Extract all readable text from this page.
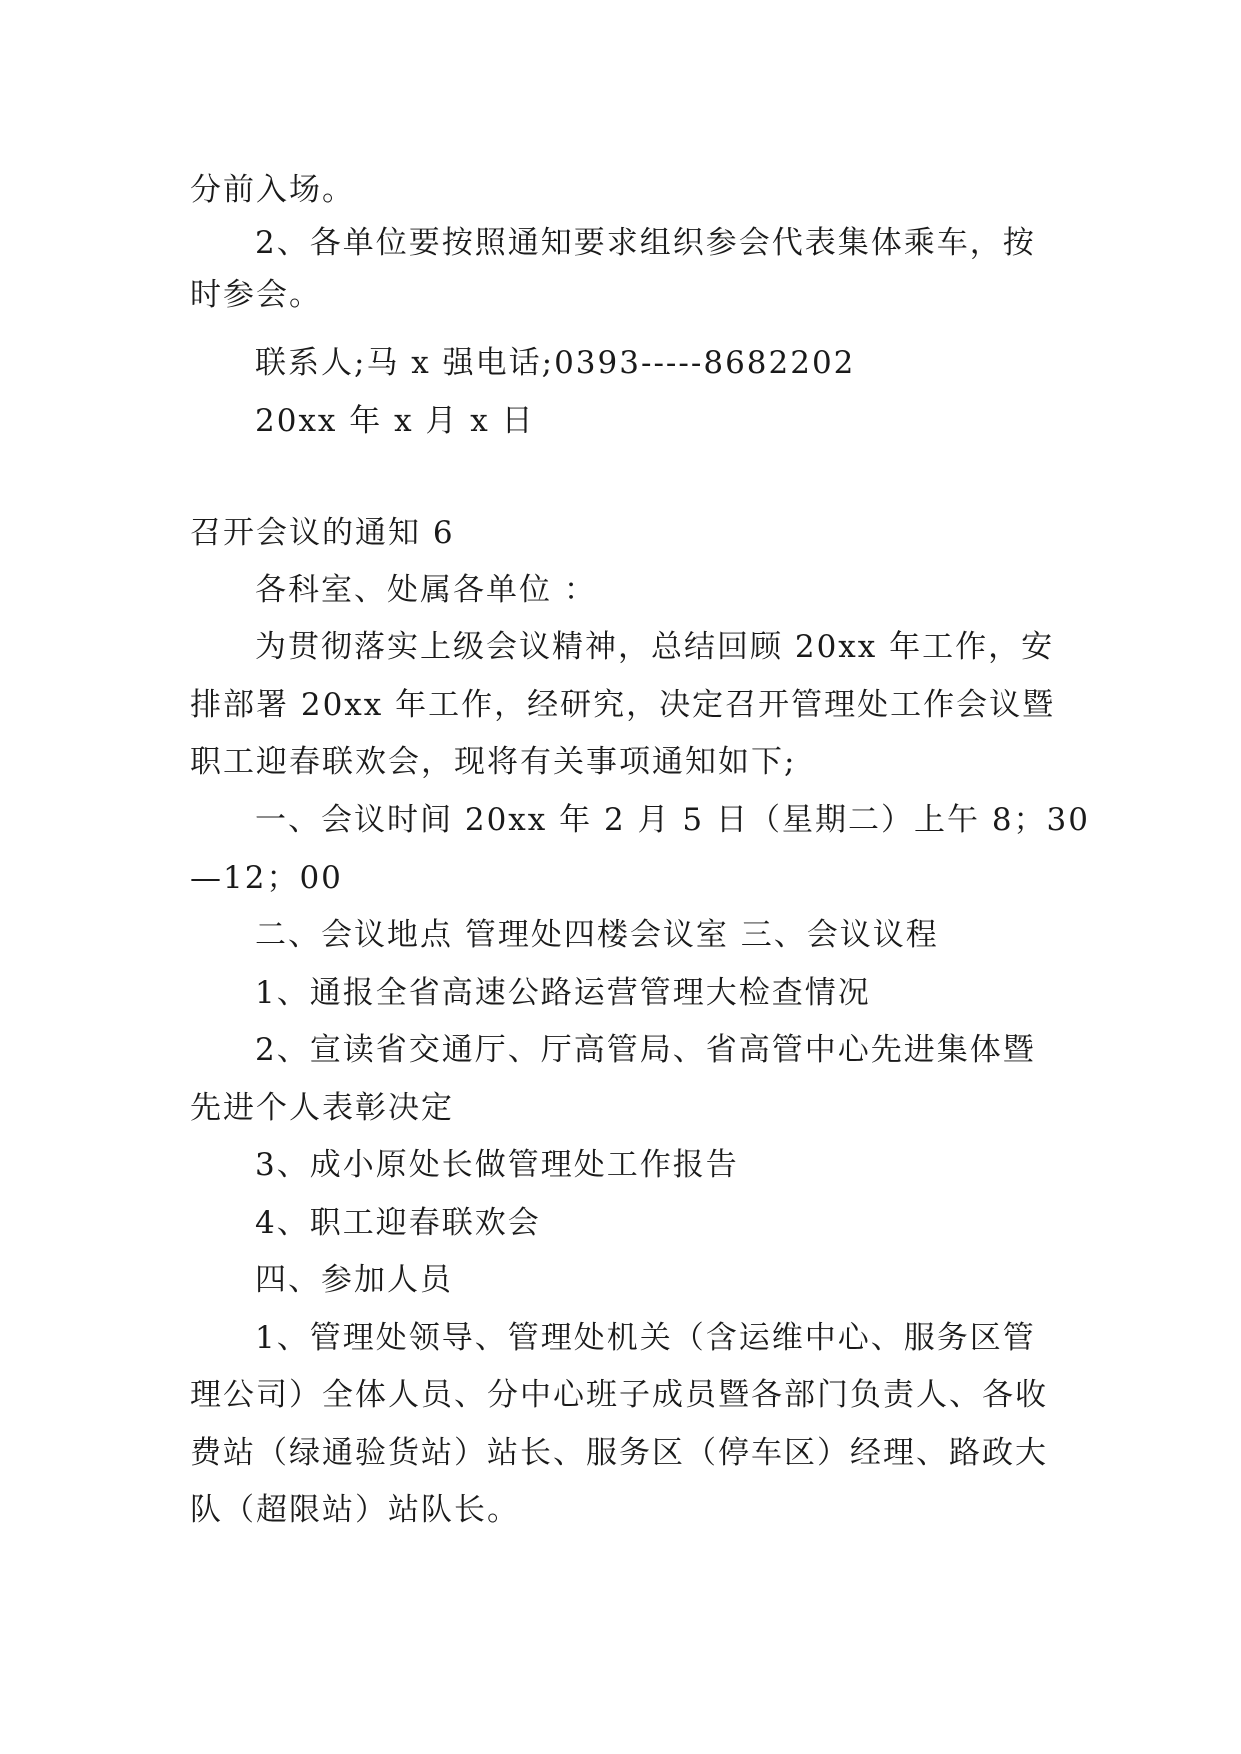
分前入场。
2、各单位要按照通知要求组织参会代表集体乘车，按
时参会。
联系人;马 x 强电话;0393-----8682202
20xx 年 x 月 x 日
召开会议的通知 6
各科室、处属各单位 ：
为贯彻落实上级会议精神，总结回顾 20xx 年工作，安
排部署 20xx 年工作，经研究，决定召开管理处工作会议暨
职工迎春联欢会，现将有关事项通知如下;
一、会议时间 20xx 年 2 月 5 日（星期二）上午 8；30
—12；00
二、会议地点 管理处四楼会议室 三、会议议程
1、通报全省高速公路运营管理大检查情况
2、宣读省交通厅、厅高管局、省高管中心先进集体暨
先进个人表彰决定
3、成小原处长做管理处工作报告
4、职工迎春联欢会
四、参加人员
1、管理处领导、管理处机关（含运维中心、服务区管
理公司）全体人员、分中心班子成员暨各部门负责人、各收
费站（绿通验货站）站长、服务区（停车区）经理、路政大
队（超限站）站队长。
